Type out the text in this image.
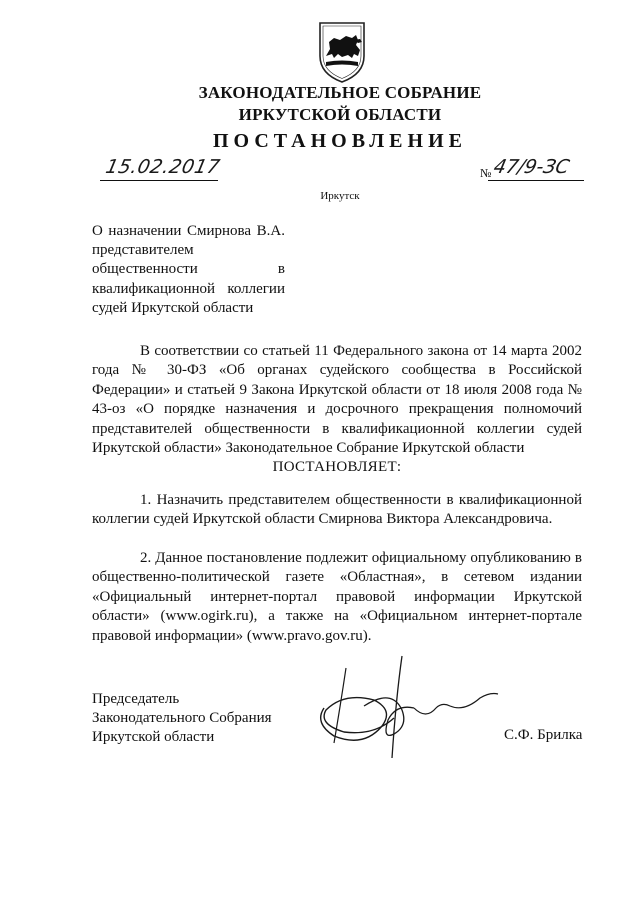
ЗАКОНОДАТЕЛЬНОЕ СОБРАНИЕ
ИРКУТСКОЙ ОБЛАСТИ
ПОСТАНОВЛЕНИЕ
15.02.2017	№ 47/9-ЗС
Иркутск
О назначении Смирнова В.А. представителем общественности в квалификационной коллегии судей Иркутской области

В соответствии со статьей 11 Федерального закона от 14 марта 2002 года № 30-ФЗ «Об органах судейского сообщества в Российской Федерации» и статьей 9 Закона Иркутской области от 18 июля 2008 года № 43-оз «О порядке назначения и досрочного прекращения полномочий представителей общественности в квалификационной коллегии судей Иркутской области» Законодательное Собрание Иркутской области

ПОСТАНОВЛЯЕТ:

1. Назначить представителем общественности в квалификационной коллегии судей Иркутской области Смирнова Виктора Александровича.

2. Данное постановление подлежит официальному опубликованию в общественно-политической газете «Областная», в сетевом издании «Официальный интернет-портал правовой информации Иркутской области» (www.ogirk.ru), а также на «Официальном интернет-портале правовой информации» (www.pravo.gov.ru).

Председатель
Законодательного Собрания
Иркутской области	С.Ф. Брилка
